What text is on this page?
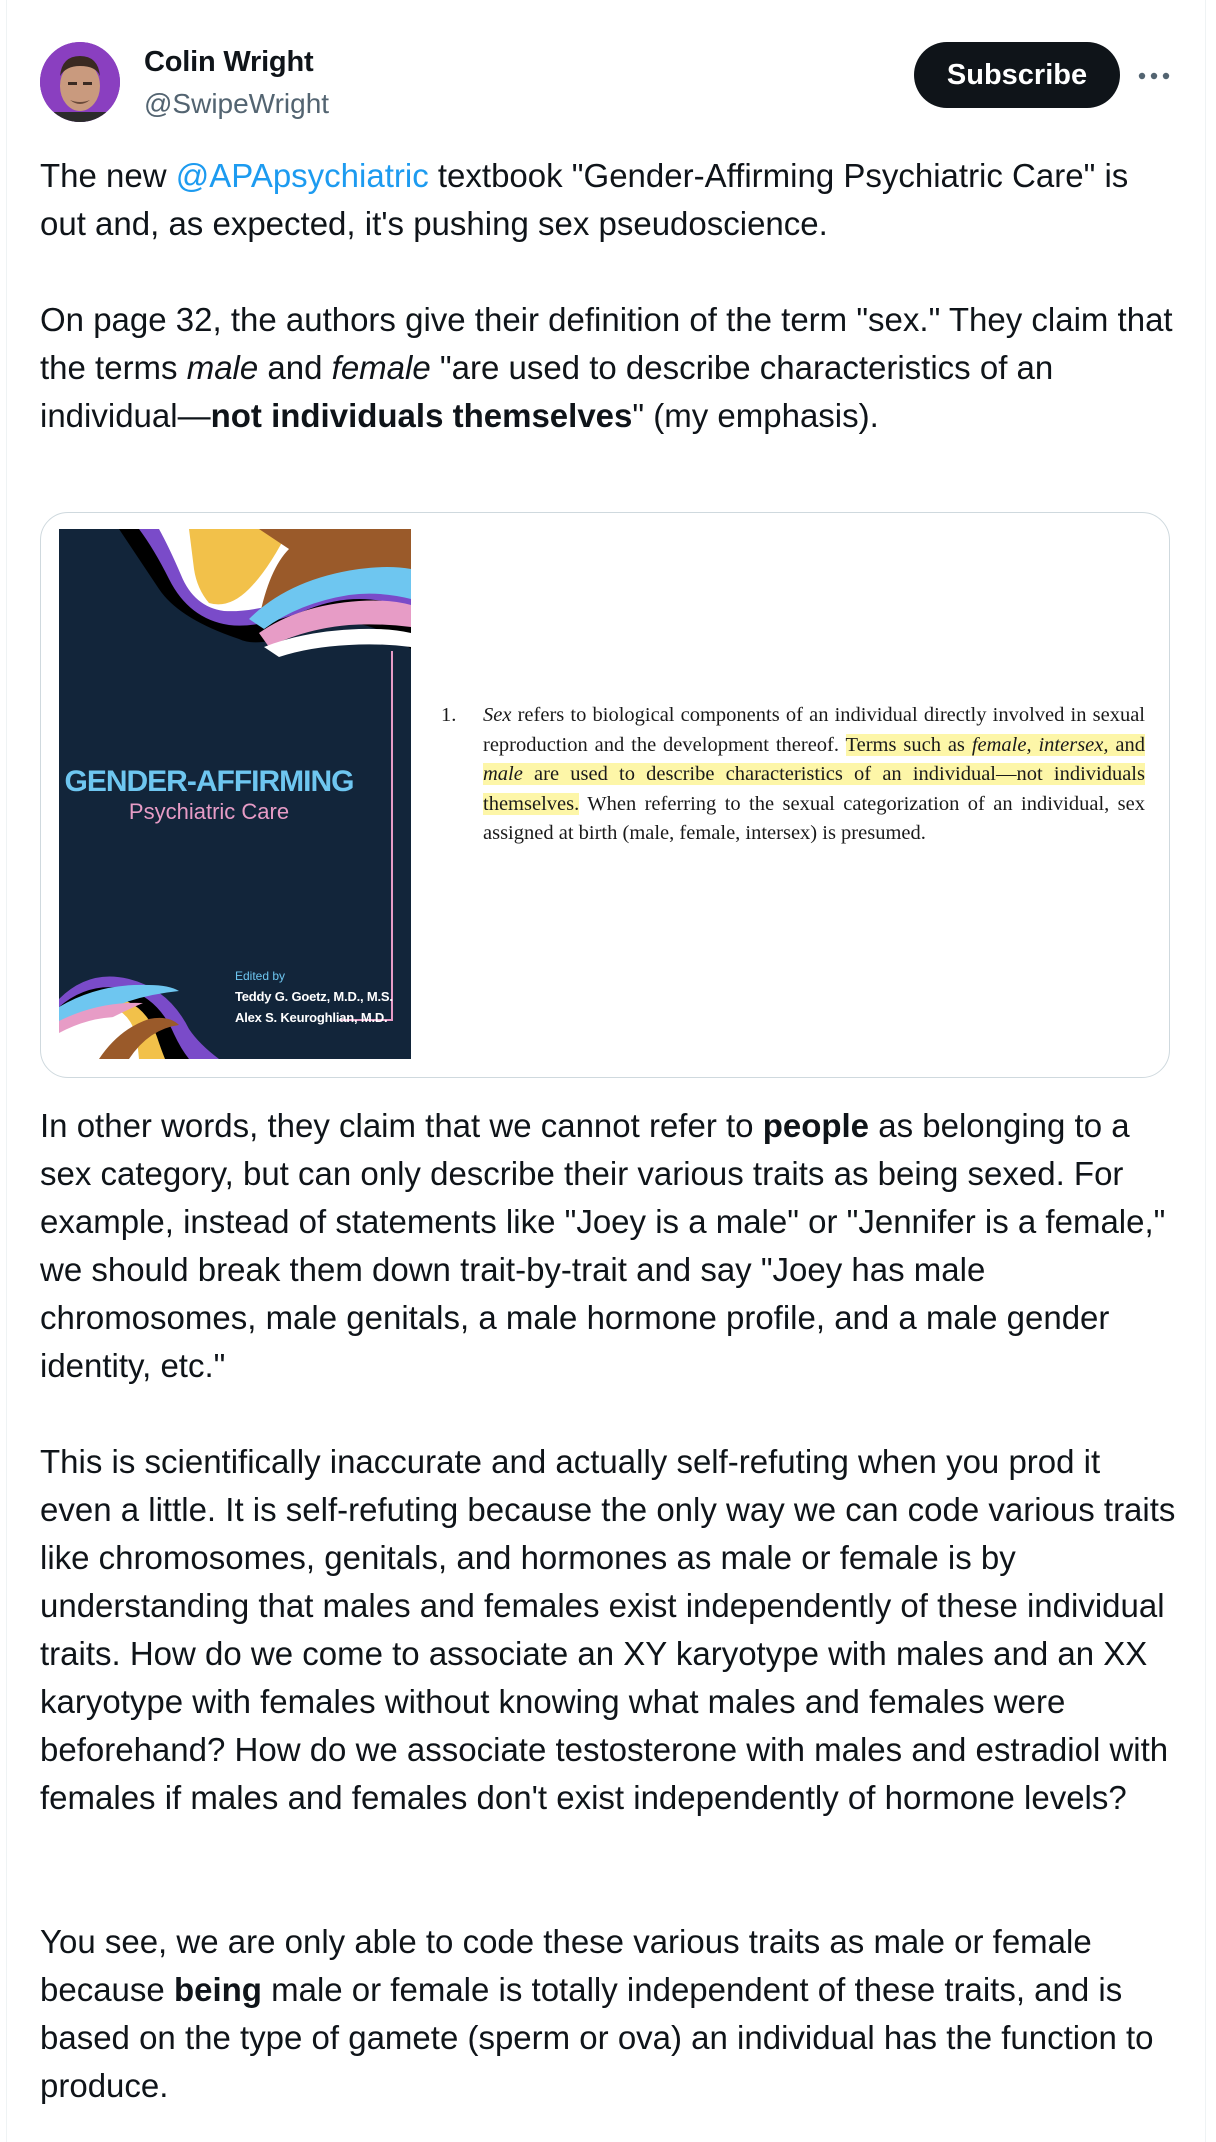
Colin Wright
@SwipeWright
Subscribe

The new @APApsychiatric textbook "Gender-Affirming Psychiatric Care" is out and, as expected, it's pushing sex pseudoscience.

On page 32, the authors give their definition of the term "sex." They claim that the terms male and female "are used to describe characteristics of an individual—not individuals themselves" (my emphasis).

GENDER-AFFIRMING
Psychiatric Care
Edited by
Teddy G. Goetz, M.D., M.S.
Alex S. Keuroghlian, M.D.
1. Sex refers to biological components of an individual directly involved in sexual reproduction and the development thereof. Terms such as female, intersex, and male are used to describe characteristics of an individual—not individuals themselves. When referring to the sexual categorization of an individual, sex assigned at birth (male, female, intersex) is presumed.

In other words, they claim that we cannot refer to people as belonging to a sex category, but can only describe their various traits as being sexed. For example, instead of statements like "Joey is a male" or "Jennifer is a female," we should break them down trait-by-trait and say "Joey has male chromosomes, male genitals, a male hormone profile, and a male gender identity, etc."

This is scientifically inaccurate and actually self-refuting when you prod it even a little. It is self-refuting because the only way we can code various traits like chromosomes, genitals, and hormones as male or female is by understanding that males and females exist independently of these individual traits. How do we come to associate an XY karyotype with males and an XX karyotype with females without knowing what males and females were beforehand? How do we associate testosterone with males and estradiol with females if males and females don't exist independently of hormone levels?

You see, we are only able to code these various traits as male or female because being male or female is totally independent of these traits, and is based on the type of gamete (sperm or ova) an individual has the function to produce.
